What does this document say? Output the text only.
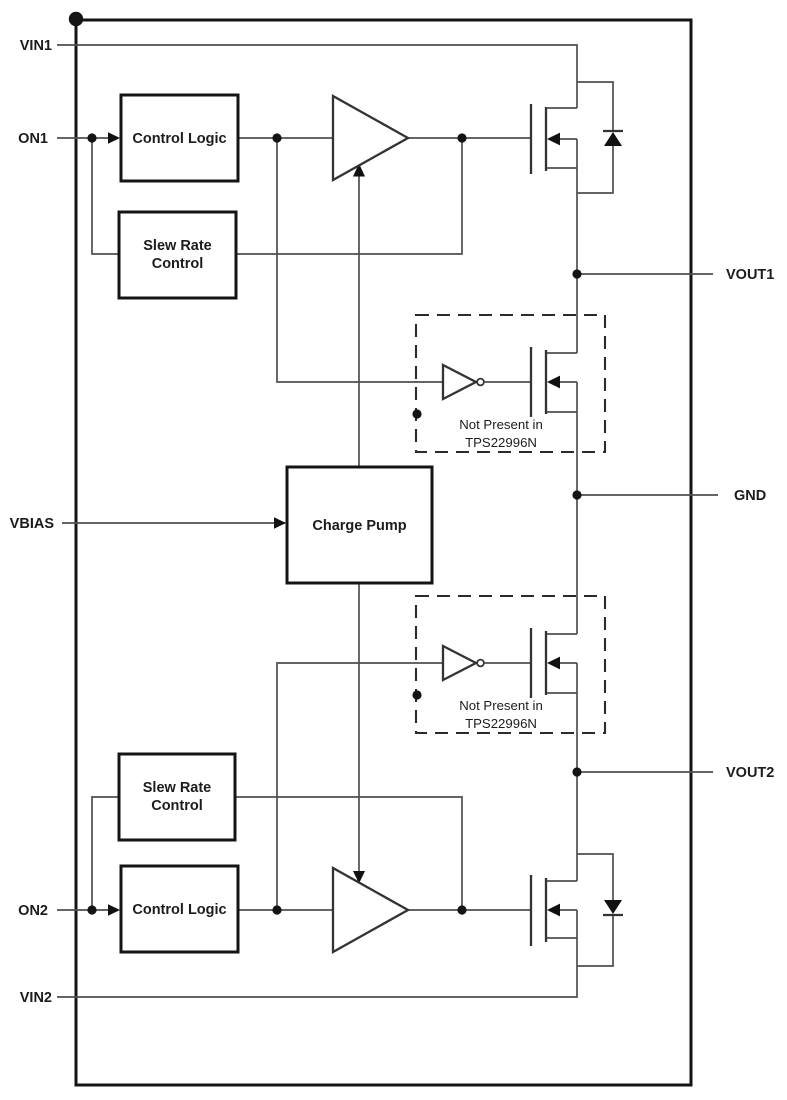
Control Logic
Slew Rate
Control
Charge Pump
Slew Rate
Control
Control Logic
Not Present in
TPS22996N
Not Present in
TPS22996N
VIN1
ON1
VBIAS
ON2
VIN2
VOUT1
GND
VOUT2
